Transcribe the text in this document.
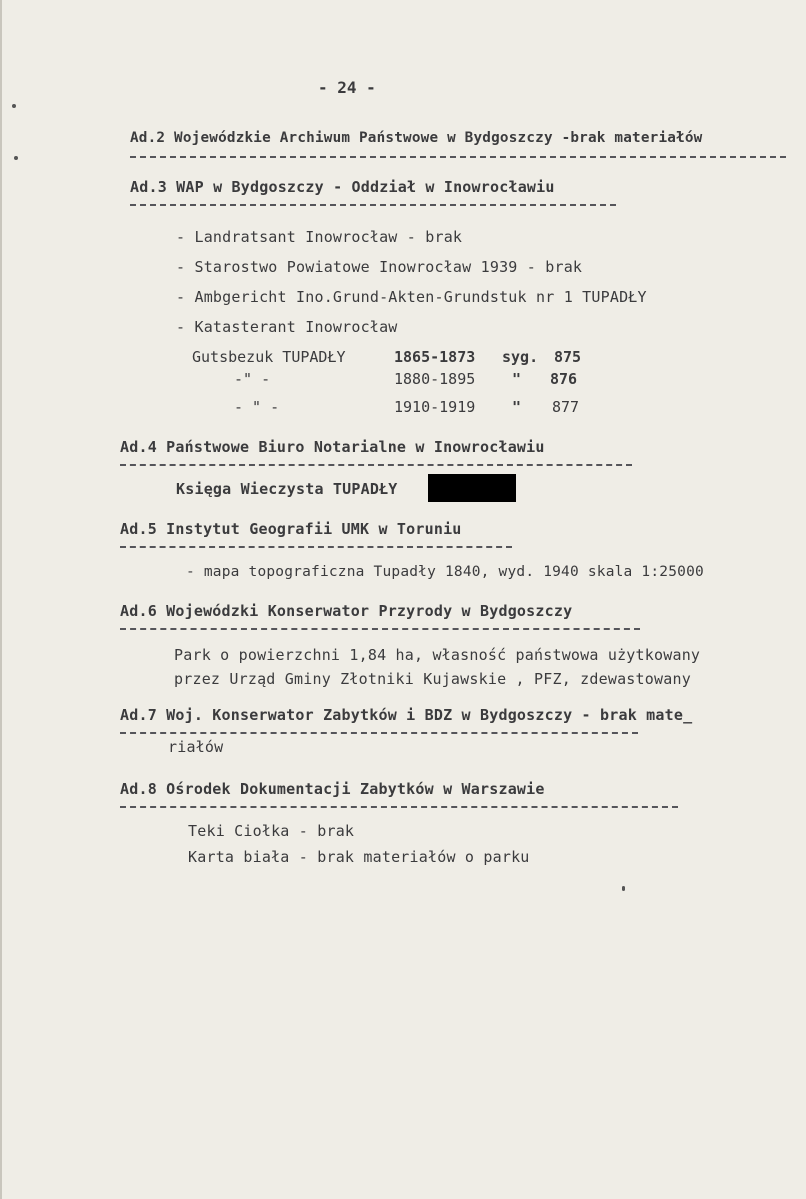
- 24 -
Ad.2 Wojewódzkie Archiwum Państwowe w Bydgoszczy -brak materiałów
Ad.3 WAP w Bydgoszczy - Oddział w Inowrocławiu
- Landratsant Inowrocław - brak
- Starostwo Powiatowe Inowrocław 1939 - brak
- Ambgericht Ino.Grund-Akten-Grundstuk nr 1 TUPADŁY
- Katasterant Inowrocław
Gutsbezuk TUPADŁY	1865-1873 syg. 875
-" -	1880-1895 " 876
- " -	1910-1919 " 877
Ad.4 Państwowe Biuro Notarialne w Inowrocławiu
Księga Wieczysta TUPADŁY
Ad.5 Instytut Geografii UMK w Toruniu
- mapa topograficzna Tupadły 1840, wyd. 1940 skala 1:25000
Ad.6 Wojewódzki Konserwator Przyrody w Bydgoszczy
Park o powierzchni 1,84 ha, własność państwowa użytkowany
przez Urząd Gminy Złotniki Kujawskie , PFZ, zdewastowany
Ad.7 Woj. Konserwator Zabytków i BDZ w Bydgoszczy - brak mate_
riałów
Ad.8 Ośrodek Dokumentacji Zabytków w Warszawie
Teki Ciołka - brak
Karta biała - brak materiałów o parku
